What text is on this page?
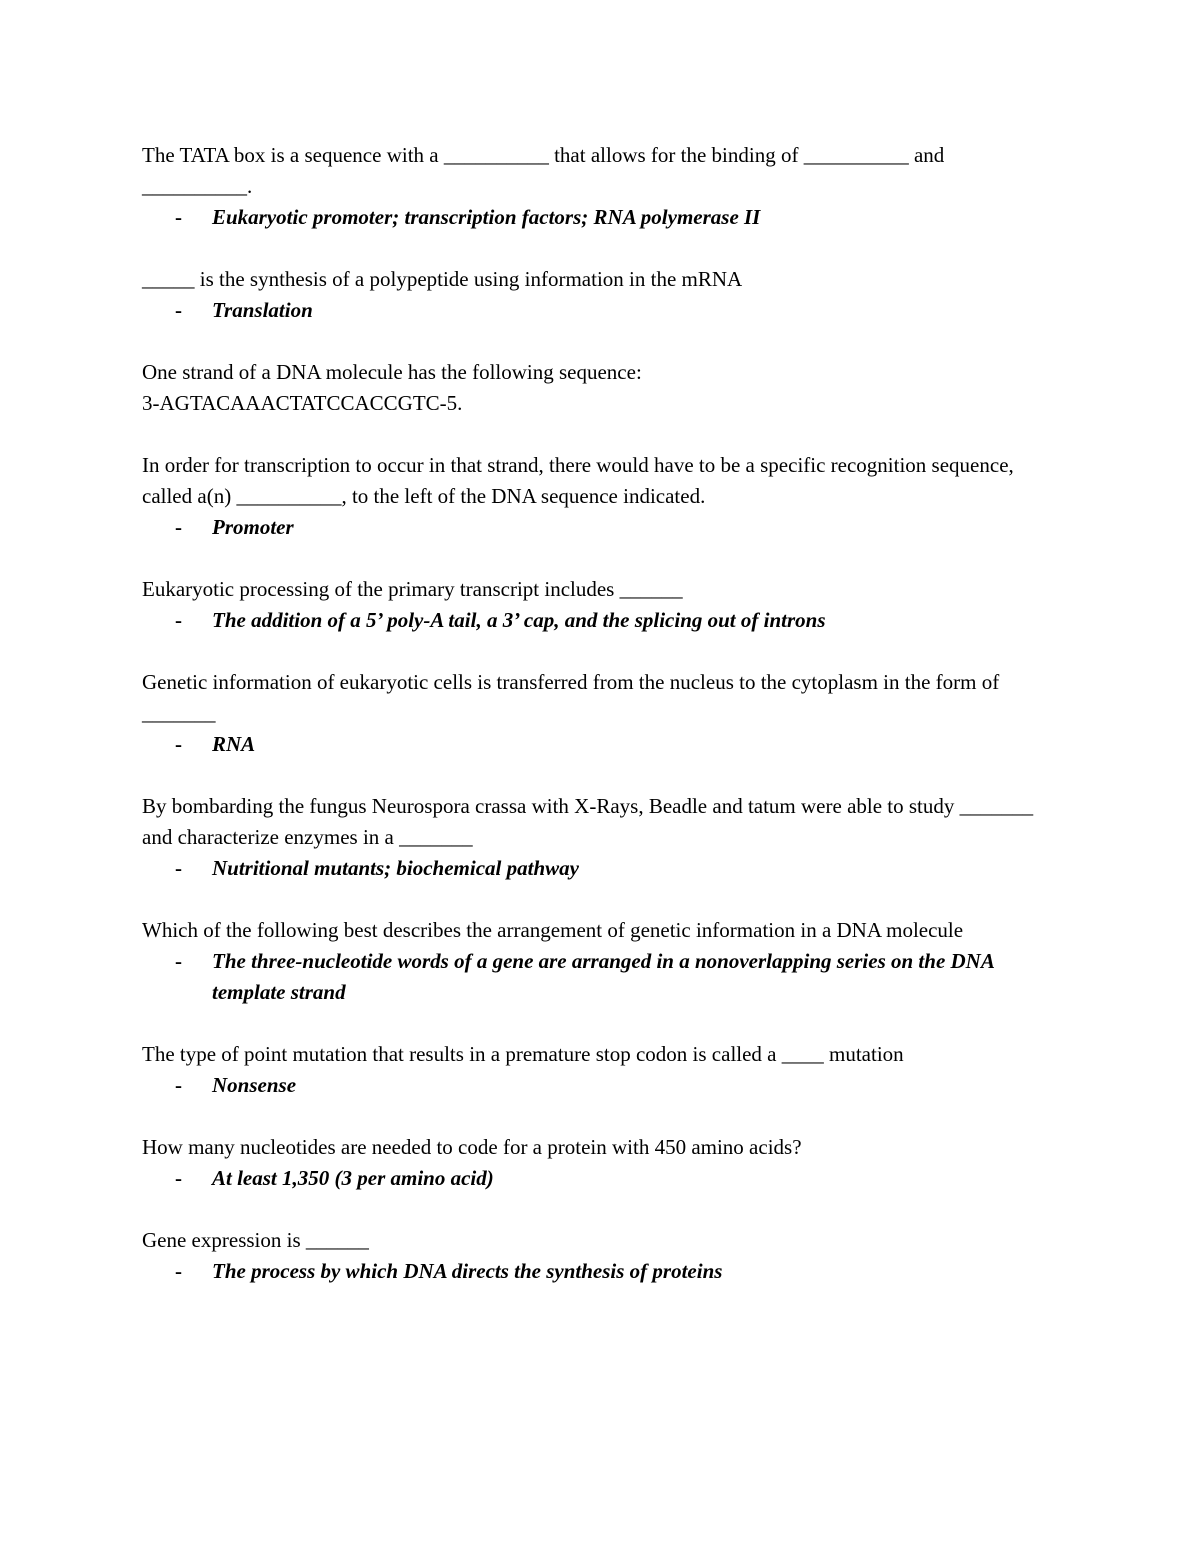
The TATA box is a sequence with a __________ that allows for the binding of __________ and __________.

- Eukaryotic promoter; transcription factors; RNA polymerase II

_____ is the synthesis of a polypeptide using information in the mRNA

- Translation

One strand of a DNA molecule has the following sequence:

3-AGTACAAACTATCCACCGTC-5.

In order for transcription to occur in that strand, there would have to be a specific recognition sequence, called a(n) __________, to the left of the DNA sequence indicated.

- Promoter

Eukaryotic processing of the primary transcript includes ______

- The addition of a 5’ poly-A tail, a 3’ cap, and the splicing out of introns

Genetic information of eukaryotic cells is transferred from the nucleus to the cytoplasm in the form of _______

- RNA

By bombarding the fungus Neurospora crassa with X-Rays, Beadle and tatum were able to study _______ and characterize enzymes in a _______

- Nutritional mutants; biochemical pathway

Which of the following best describes the arrangement of genetic information in a DNA molecule

- The three-nucleotide words of a gene are arranged in a nonoverlapping series on the DNA template strand

The type of point mutation that results in a premature stop codon is called a ____ mutation

- Nonsense

How many nucleotides are needed to code for a protein with 450 amino acids?

- At least 1,350 (3 per amino acid)

Gene expression is ______

- The process by which DNA directs the synthesis of proteins
